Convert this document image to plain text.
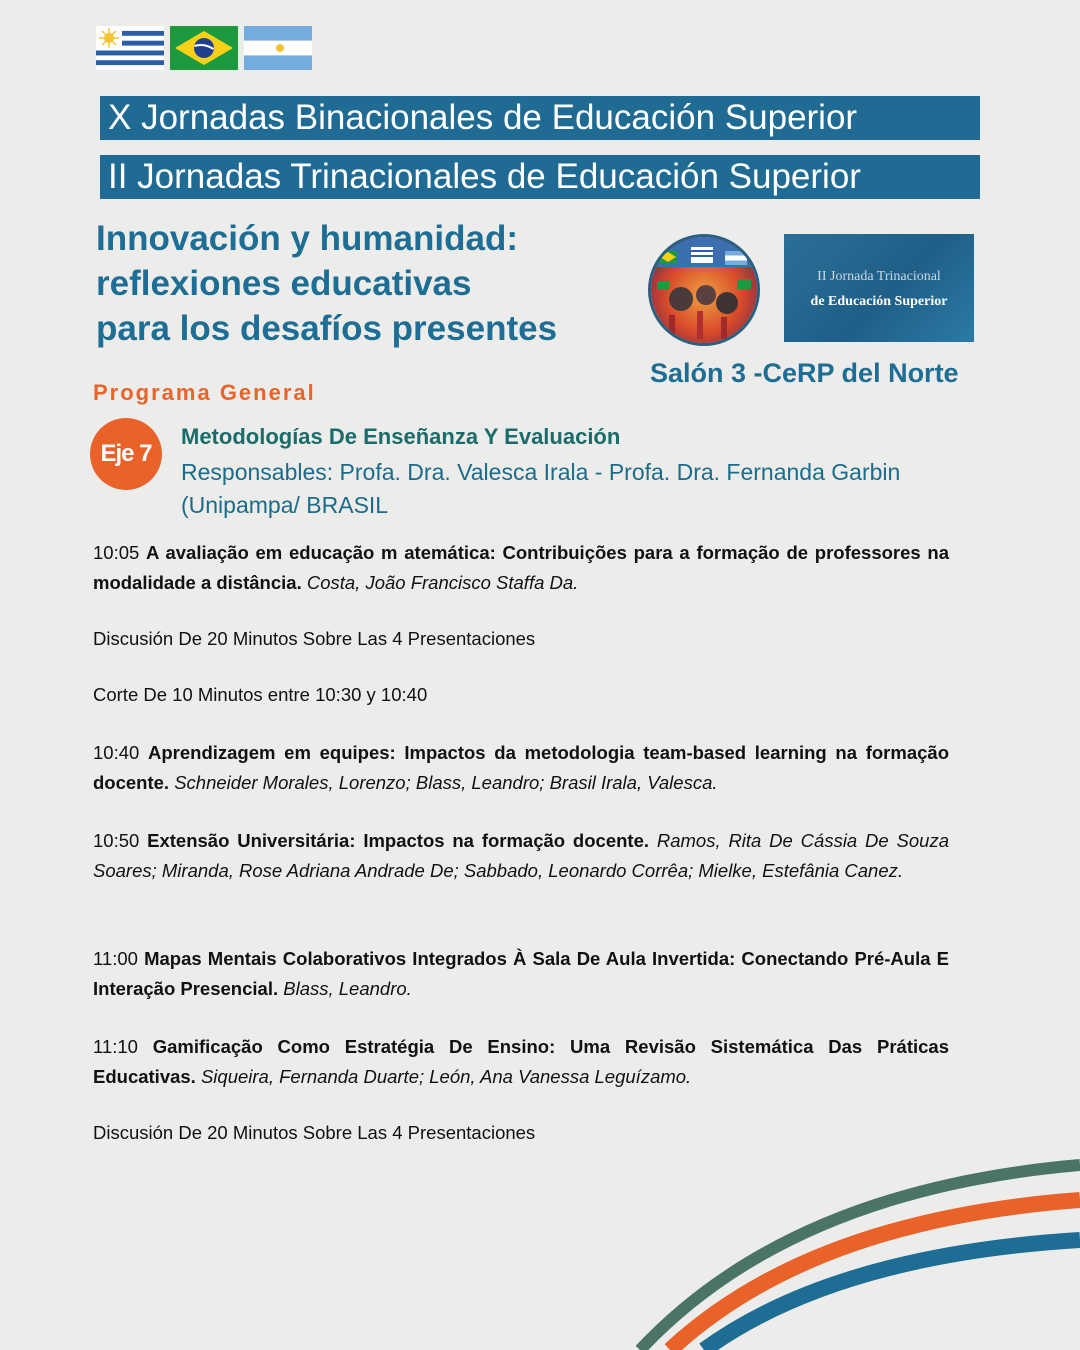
X Jornadas Binacionales de Educación Superior
II Jornadas Trinacionales de Educación Superior
Innovación y humanidad:
reflexiones educativas
para los desafíos presentes
II Jornada Trinacional
de Educación Superior
Salón 3 -CeRP del Norte
Programa General
Eje 7
Metodologías De Enseñanza Y Evaluación
Responsables: Profa. Dra. Valesca Irala - Profa. Dra. Fernanda Garbin (Unipampa/ BRASIL
10:05 A avaliação em educação m atemática: Contribuições para a formação de professores na modalidade a distância. Costa, João Francisco Staffa Da.
Discusión De 20 Minutos Sobre Las 4 Presentaciones
Corte De 10 Minutos entre 10:30 y 10:40
10:40 Aprendizagem em equipes: Impactos da metodologia team-based learning na formação docente. Schneider Morales, Lorenzo; Blass, Leandro; Brasil Irala, Valesca.
10:50 Extensão Universitária: Impactos na formação docente. Ramos, Rita De Cássia De Souza Soares; Miranda, Rose Adriana Andrade De; Sabbado, Leonardo Corrêa; Mielke, Estefânia Canez.
11:00 Mapas Mentais Colaborativos Integrados À Sala De Aula Invertida: Conectando Pré-Aula E Interação Presencial. Blass, Leandro.
11:10 Gamificação Como Estratégia De Ensino: Uma Revisão Sistemática Das Práticas Educativas. Siqueira, Fernanda Duarte; León, Ana Vanessa Leguízamo.
Discusión De 20 Minutos Sobre Las 4 Presentaciones
